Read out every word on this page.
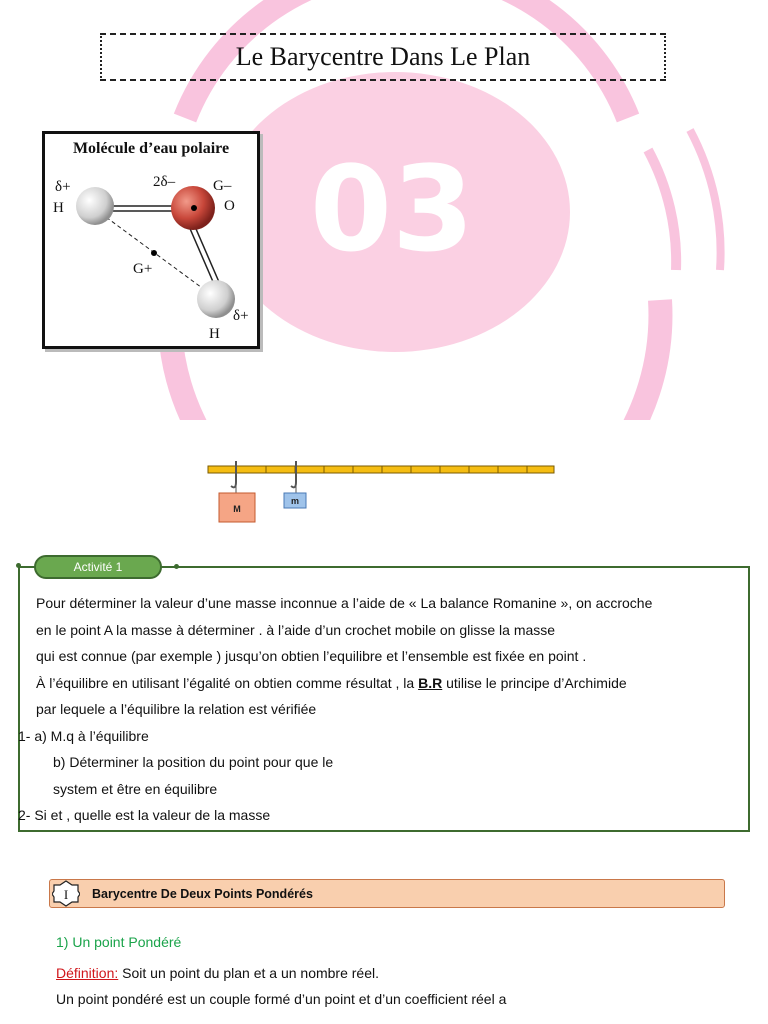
03
Le Barycentre Dans Le Plan
Molécule d’eau polaire
δ+
H
2δ–	G–
O
G+
δ+
H
M
m
Activité 1

Pour déterminer la valeur d’une masse inconnue a l’aide de « La balance Romanine », on accroche

en le point A la masse à déterminer . à l’aide d’un crochet mobile on glisse la masse

qui est connue (par exemple ) jusqu’on obtien l’equilibre et l’ensemble est fixée en point .

À l’équilibre en utilisant l’égalité on obtien comme résultat , la B.R utilise le principe d’Archimide

par lequele a l’équilibre la relation est vérifiée

1- a) M.q à l’équilibre

b) Déterminer la position du point pour que le

system et être en équilibre

2- Si et , quelle est la valeur de la masse

I Barycentre De Deux Points Pondérés
1) Un point Pondéré
Définition: Soit un point du plan et a un nombre réel.
Un point pondéré est un couple formé d’un point et d’un coefficient réel a
